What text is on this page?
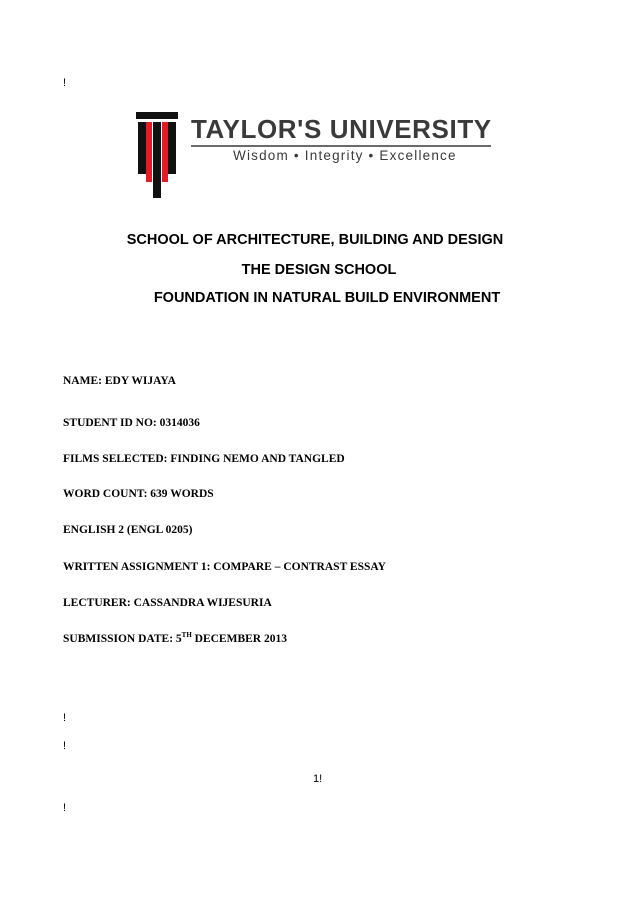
!
TAYLOR'S UNIVERSITY
Wisdom • Integrity • Excellence
SCHOOL OF ARCHITECTURE, BUILDING AND DESIGN
THE DESIGN SCHOOL
FOUNDATION IN NATURAL BUILD ENVIRONMENT
NAME: EDY WIJAYA
STUDENT ID NO: 0314036
FILMS SELECTED: FINDING NEMO AND TANGLED
WORD COUNT: 639 WORDS
ENGLISH 2 (ENGL 0205)
WRITTEN ASSIGNMENT 1: COMPARE – CONTRAST ESSAY
LECTURER: CASSANDRA WIJESURIA
SUBMISSION DATE: 5TH DECEMBER 2013
!
!
1!
!
